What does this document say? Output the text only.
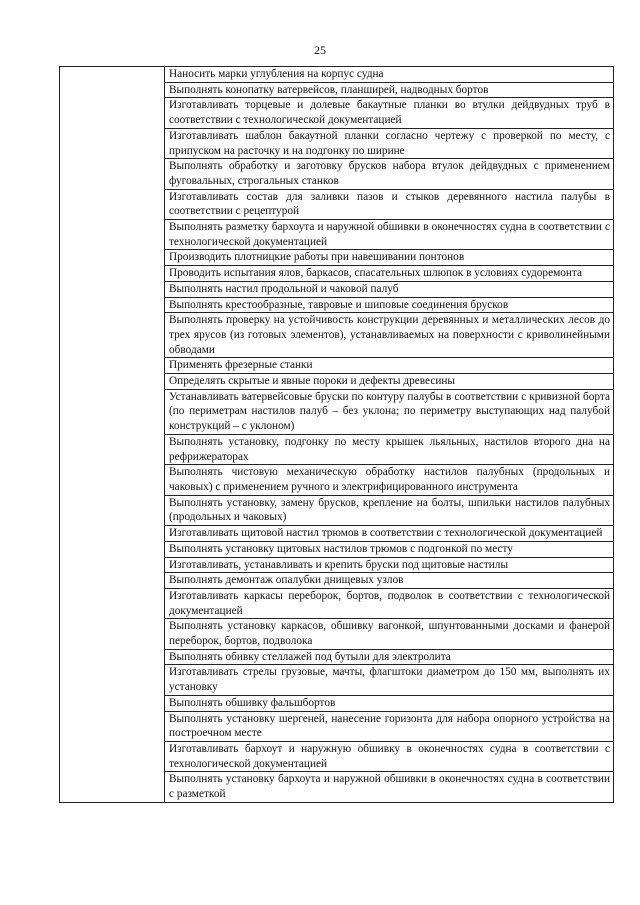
25

Наносить марки углубления на корпус судна

Выполнять конопатку ватервейсов, планширей, надводных бортов

Изготавливать торцевые и долевые бакаутные планки во втулки дейдвудных труб в соответствии с технологической документацией

Изготавливать шаблон бакаутной планки согласно чертежу с проверкой по месту, с припуском на расточку и на подгонку по ширине

Выполнять обработку и заготовку брусков набора втулок дейдвудных с применением фуговальных, строгальных станков

Изготавливать состав для заливки пазов и стыков деревянного настила палубы в соответствии с рецептурой

Выполнять разметку бархоута и наружной обшивки в оконечностях судна в соответствии с технологической документацией

Производить плотницкие работы при навешивании понтонов

Проводить испытания ялов, баркасов, спасательных шлюпок в условиях судоремонта

Выполнять настил продольной и чаковой палуб

Выполнять крестообразные, тавровые и шиповые соединения брусков

Выполнять проверку на устойчивость конструкции деревянных и металлических лесов до трех ярусов (из готовых элементов), устанавливаемых на поверхности с криволинейными обводами

Применять фрезерные станки

Определять скрытые и явные пороки и дефекты древесины

Устанавливать ватервейсовые бруски по контуру палубы в соответствии с кривизной борта (по периметрам настилов палуб – без уклона; по периметру выступающих над палубой конструкций – с уклоном)

Выполнять установку, подгонку по месту крышек льяльных, настилов второго дна на рефрижераторах

Выполнять чистовую механическую обработку настилов палубных (продольных и чаковых) с применением ручного и электрифицированного инструмента

Выполнять установку, замену брусков, крепление на болты, шпильки настилов палубных (продольных и чаковых)

Изготавливать щитовой настил трюмов в соответствии с технологической документацией

Выполнять установку щитовых настилов трюмов с подгонкой по месту

Изготавливать, устанавливать и крепить бруски под щитовые настилы

Выполнять демонтаж опалубки днищевых узлов

Изготавливать каркасы переборок, бортов, подволок в соответствии с технологической документацией

Выполнять установку каркасов, обшивку вагонкой, шпунтованными досками и фанерой переборок, бортов, подволока

Выполнять обивку стеллажей под бутыли для электролита

Изготавливать стрелы грузовые, мачты, флагштоки диаметром до 150 мм, выполнять их установку

Выполнять обшивку фальшбортов

Выполнять установку шергеней, нанесение горизонта для набора опорного устройства на построечном месте

Изготавливать бархоут и наружную обшивку в оконечностях судна в соответствии с технологической документацией

Выполнять установку бархоута и наружной обшивки в оконечностях судна в соответствии с разметкой
